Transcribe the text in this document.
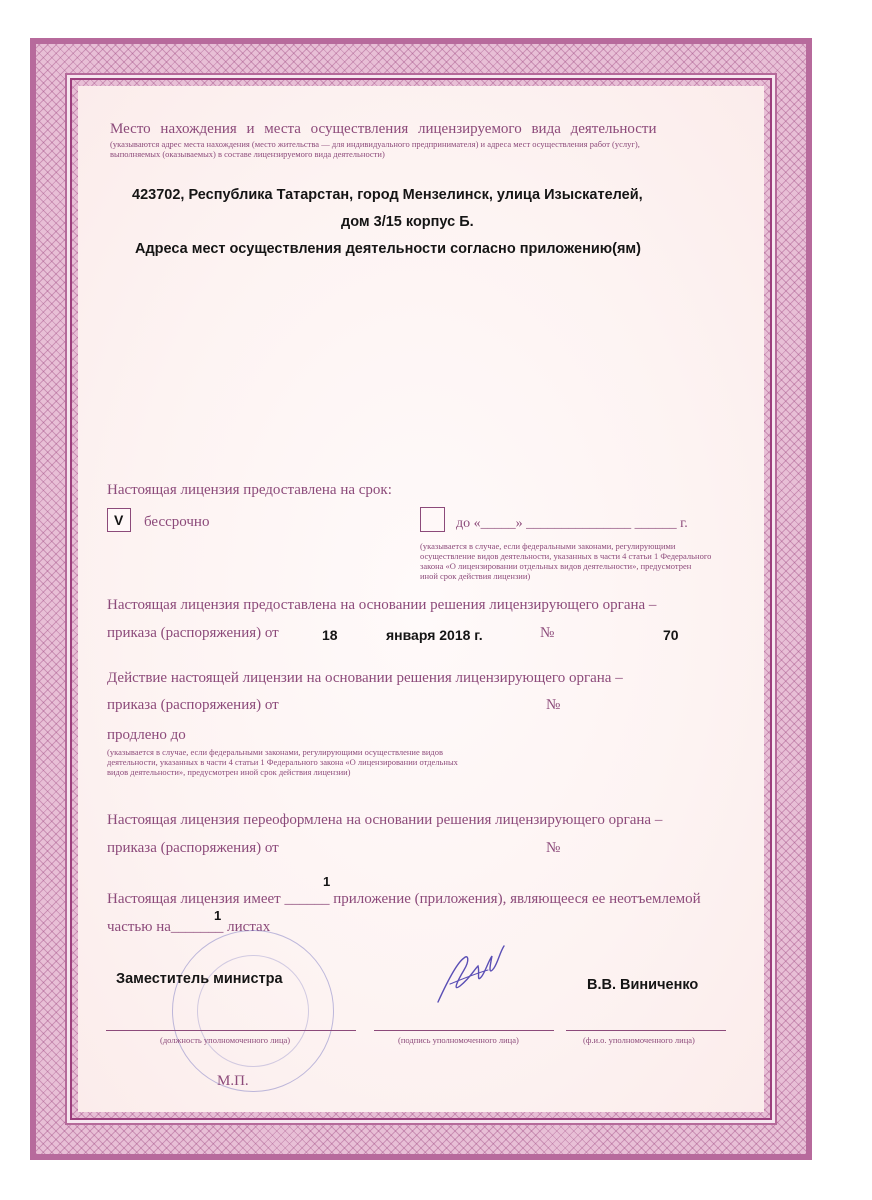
Место нахождения и места осуществления лицензируемого вида деятельности
(указываются адрес места нахождения (место жительства — для индивидуального предпринимателя) и адреса мест осуществления работ (услуг),
выполняемых (оказываемых) в составе лицензируемого вида деятельности)
423702, Республика Татарстан, город Мензелинск, улица Изыскателей,
дом 3/15 корпус Б.
Адреса мест осуществления деятельности согласно приложению(ям)
Настоящая лицензия предоставлена на срок:
V бессрочно	до «_____» _______________ ______ г.
(указывается в случае, если федеральными законами, регулирующими
осуществление видов деятельности, указанных в части 4 статьи 1 Федерального
закона «О лицензировании отдельных видов деятельности», предусмотрен
иной срок действия лицензии)
Настоящая лицензия предоставлена на основании решения лицензирующего органа –
приказа (распоряжения) от	18	января 2018 г.	№	70
Действие настоящей лицензии на основании решения лицензирующего органа –
приказа (распоряжения) от	№
продлено до
(указывается в случае, если федеральными законами, регулирующими осуществление видов
деятельности, указанных в части 4 статьи 1 Федерального закона «О лицензировании отдельных
видов деятельности», предусмотрен иной срок действия лицензии)
Настоящая лицензия переоформлена на основании решения лицензирующего органа –
приказа (распоряжения) от	№
1
Настоящая лицензия имеет ______ приложение (приложения), являющееся ее неотъемлемой
1
частью на_______ листах
Заместитель министра	В.В. Виниченко
(должность уполномоченного лица)	(подпись уполномоченного лица)	(ф.и.о. уполномоченного лица)
М.П.
